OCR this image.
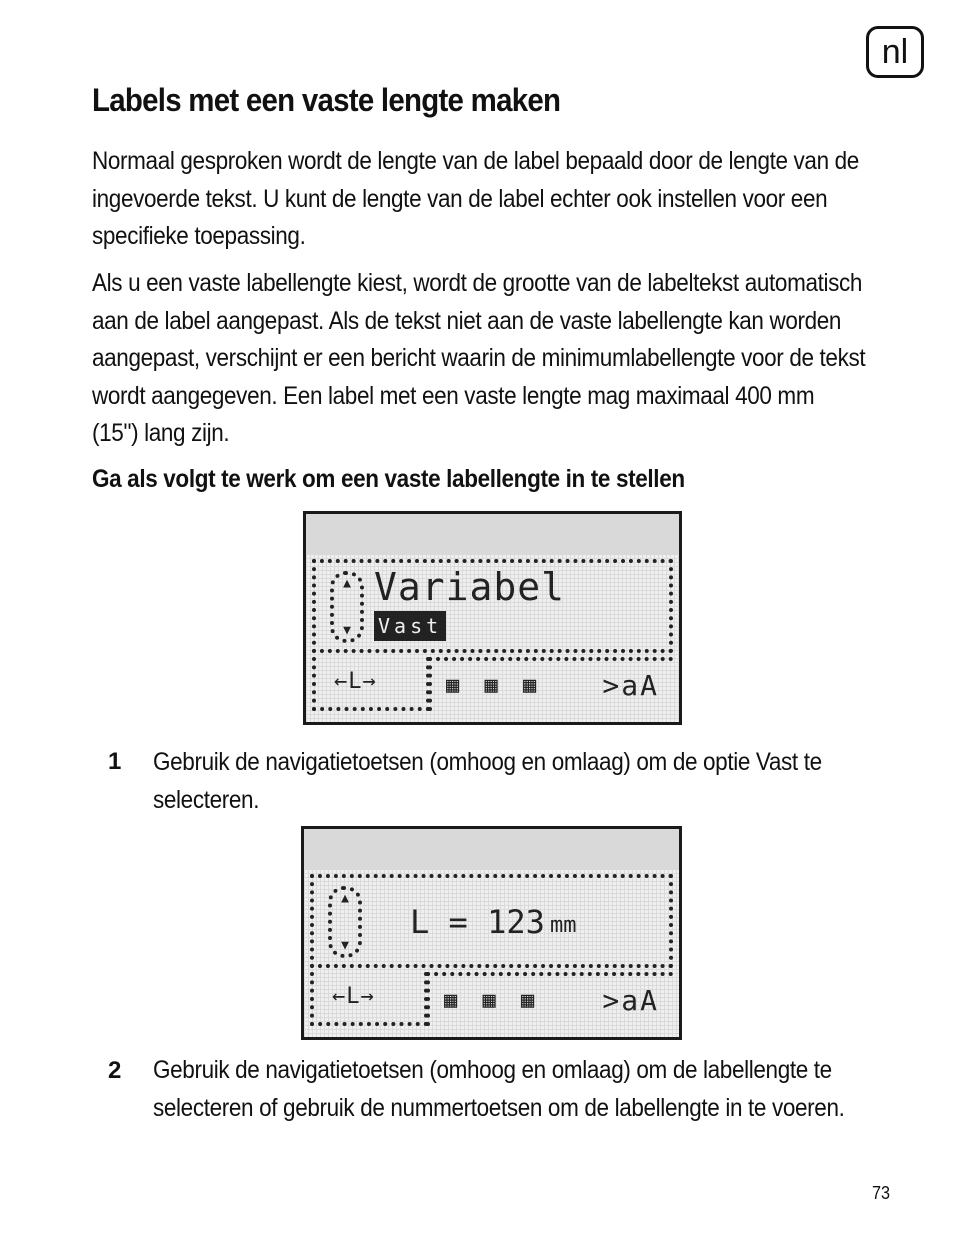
nl
Labels met een vaste lengte maken

Normaal gesproken wordt de lengte van de label bepaald door de lengte van de ingevoerde tekst. U kunt de lengte van de label echter ook instellen voor een specifieke toepassing.

Als u een vaste labellengte kiest, wordt de grootte van de labeltekst automatisch aan de label aangepast. Als de tekst niet aan de vaste labellengte kan worden aangepast, verschijnt er een bericht waarin de minimumlabellengte voor de tekst wordt aangegeven. Een label met een vaste lengte mag maximaal 400 mm (15") lang zijn.

Ga als volgt te werk om een vaste labellengte in te stellen

▲
▼
Variabel
Vast
←L→	▦ ▦ ▦ >aA
1 Gebruik de navigatietoetsen (omhoog en omlaag) om de optie Vast te selecteren.

▲
▼
L = 123 mm
←L→	▦ ▦ ▦ >aA
2 Gebruik de navigatietoetsen (omhoog en omlaag) om de labellengte te selecteren of gebruik de nummertoetsen om de labellengte in te voeren.

73
